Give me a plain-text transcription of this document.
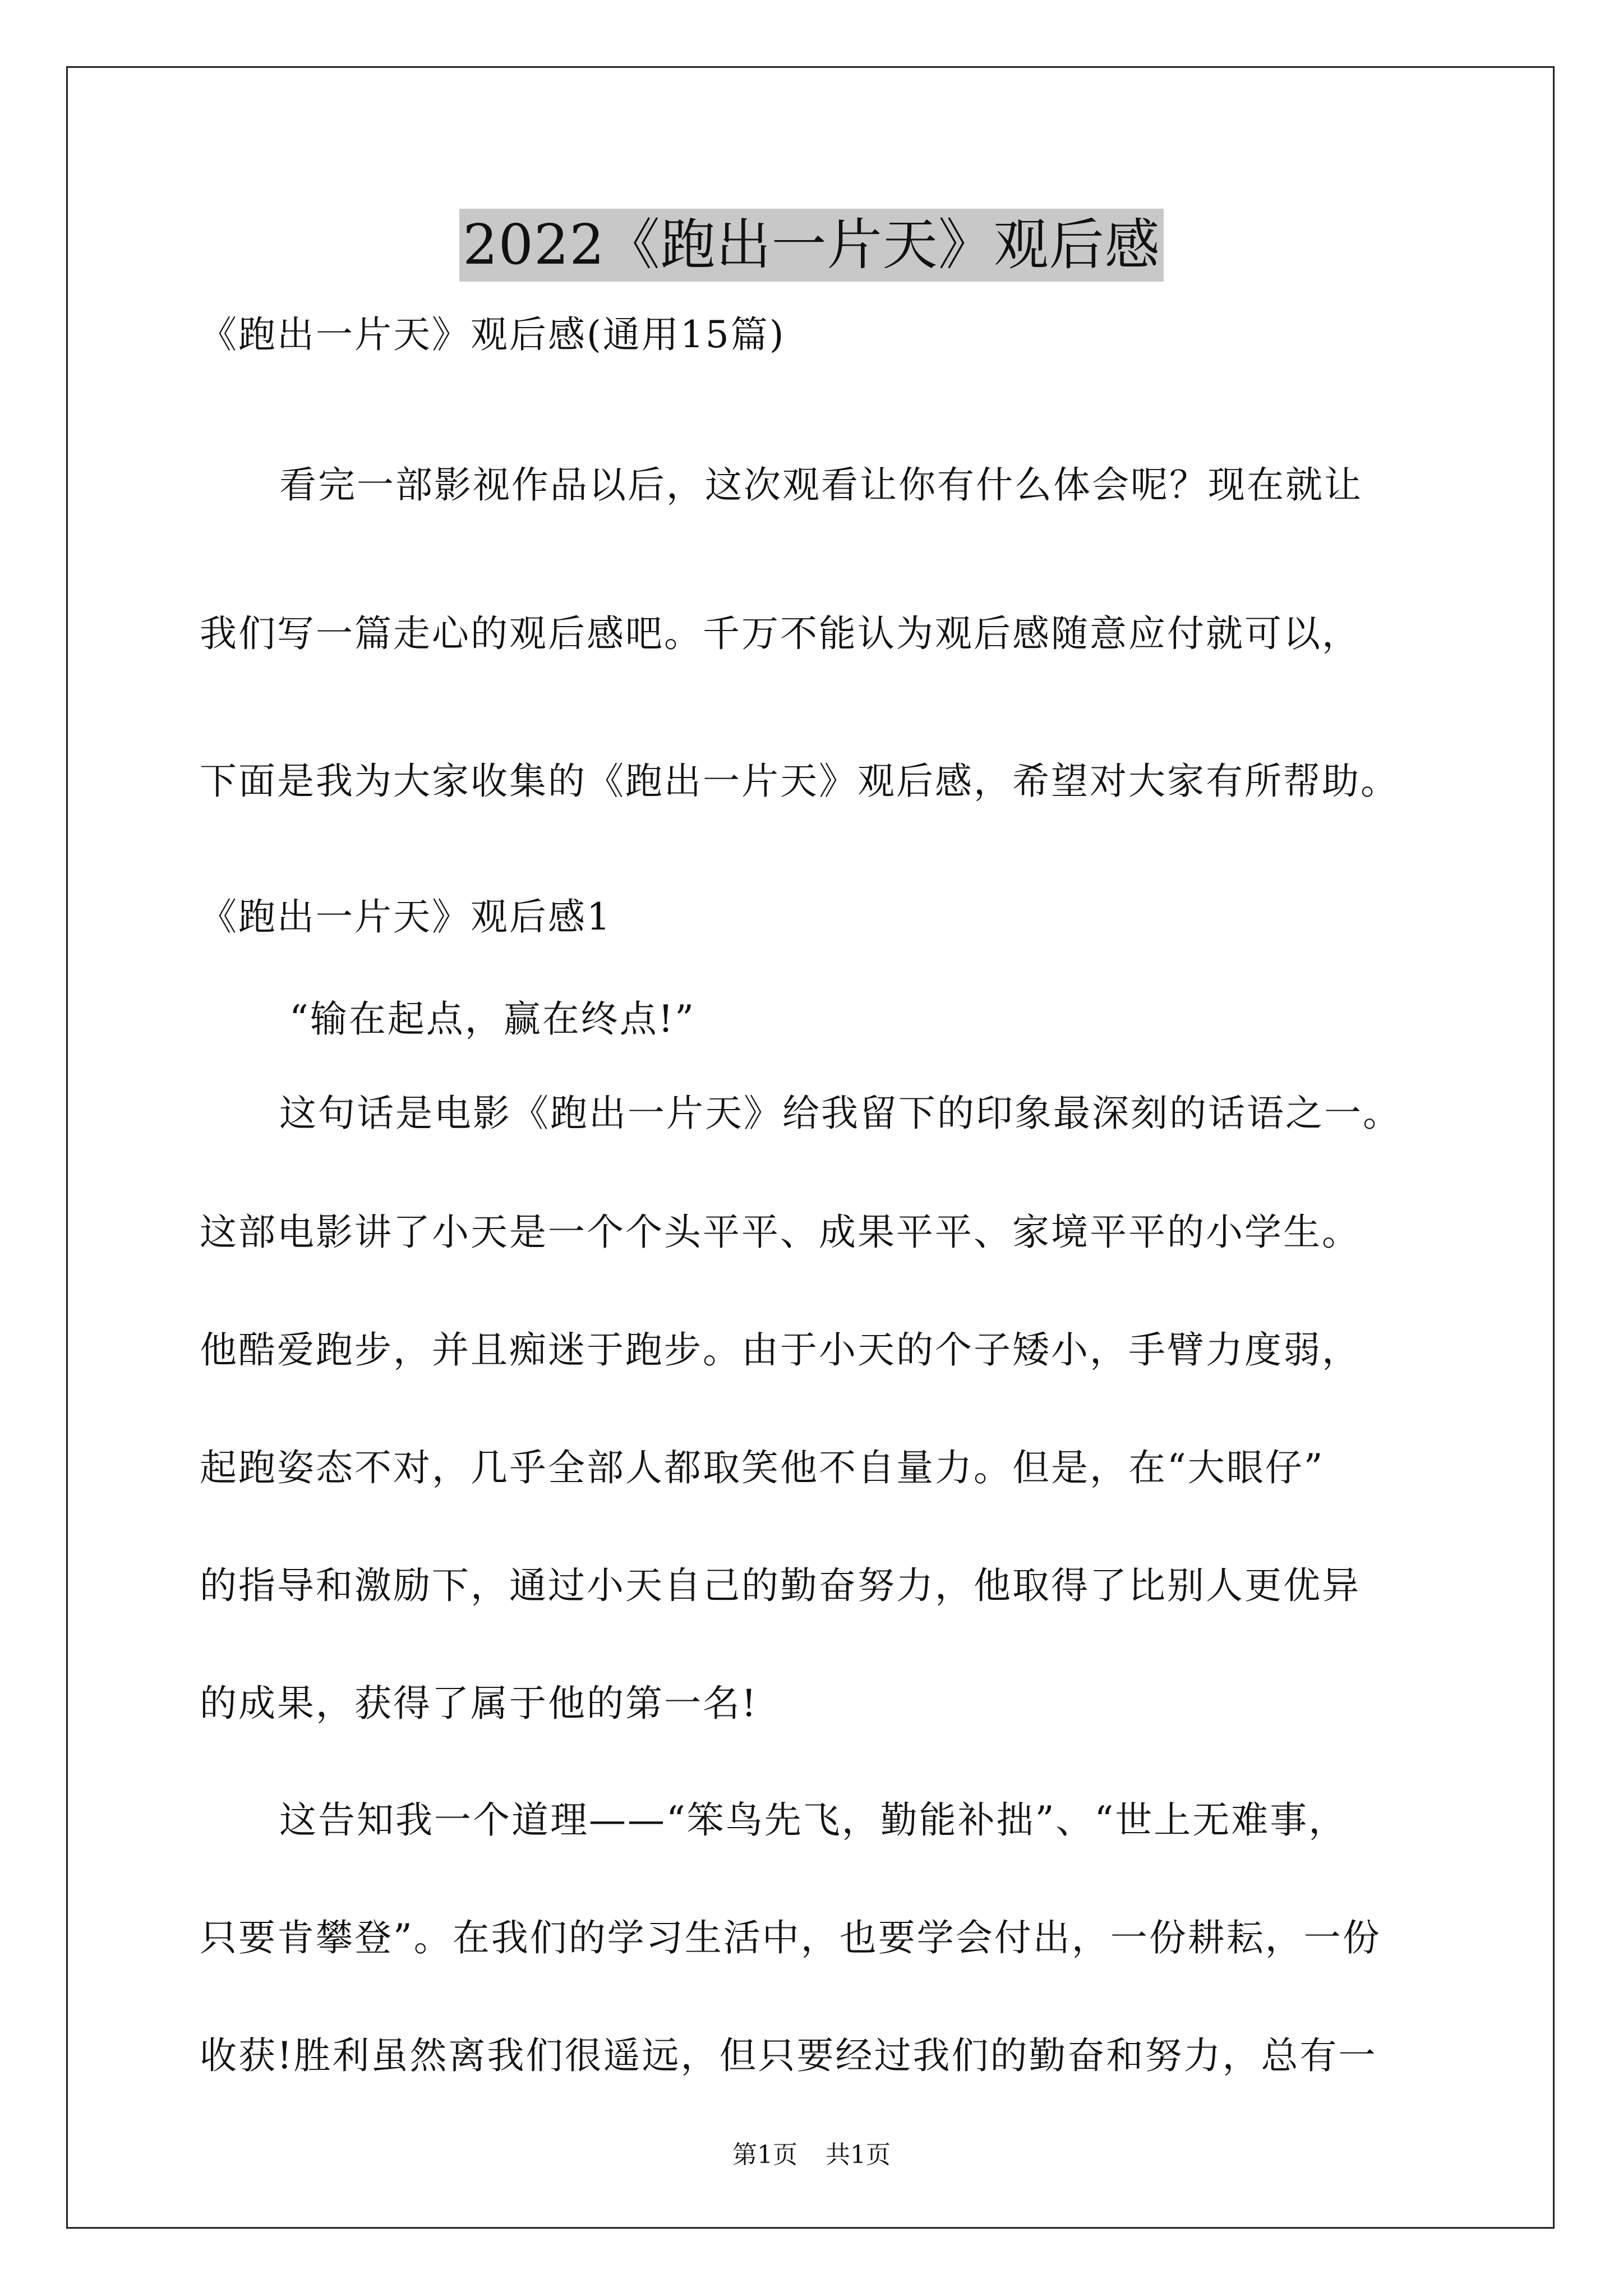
2022《跑出一片天》观后感
《跑出一片天》观后感(通用15篇)
看完一部影视作品以后，这次观看让你有什么体会呢？现在就让
我们写一篇走心的观后感吧。千万不能认为观后感随意应付就可以，
下面是我为大家收集的《跑出一片天》观后感，希望对大家有所帮助。
《跑出一片天》观后感1
“输在起点，赢在终点!”
这句话是电影《跑出一片天》给我留下的印象最深刻的话语之一。
这部电影讲了小天是一个个头平平、成果平平、家境平平的小学生。
他酷爱跑步，并且痴迷于跑步。由于小天的个子矮小，手臂力度弱，
起跑姿态不对，几乎全部人都取笑他不自量力。但是，在“大眼仔”
的指导和激励下，通过小天自己的勤奋努力，他取得了比别人更优异
的成果，获得了属于他的第一名!
这告知我一个道理——“笨鸟先飞，勤能补拙”、“世上无难事，
只要肯攀登”。在我们的学习生活中，也要学会付出，一份耕耘，一份
收获!胜利虽然离我们很遥远，但只要经过我们的勤奋和努力，总有一
第1页 共1页
